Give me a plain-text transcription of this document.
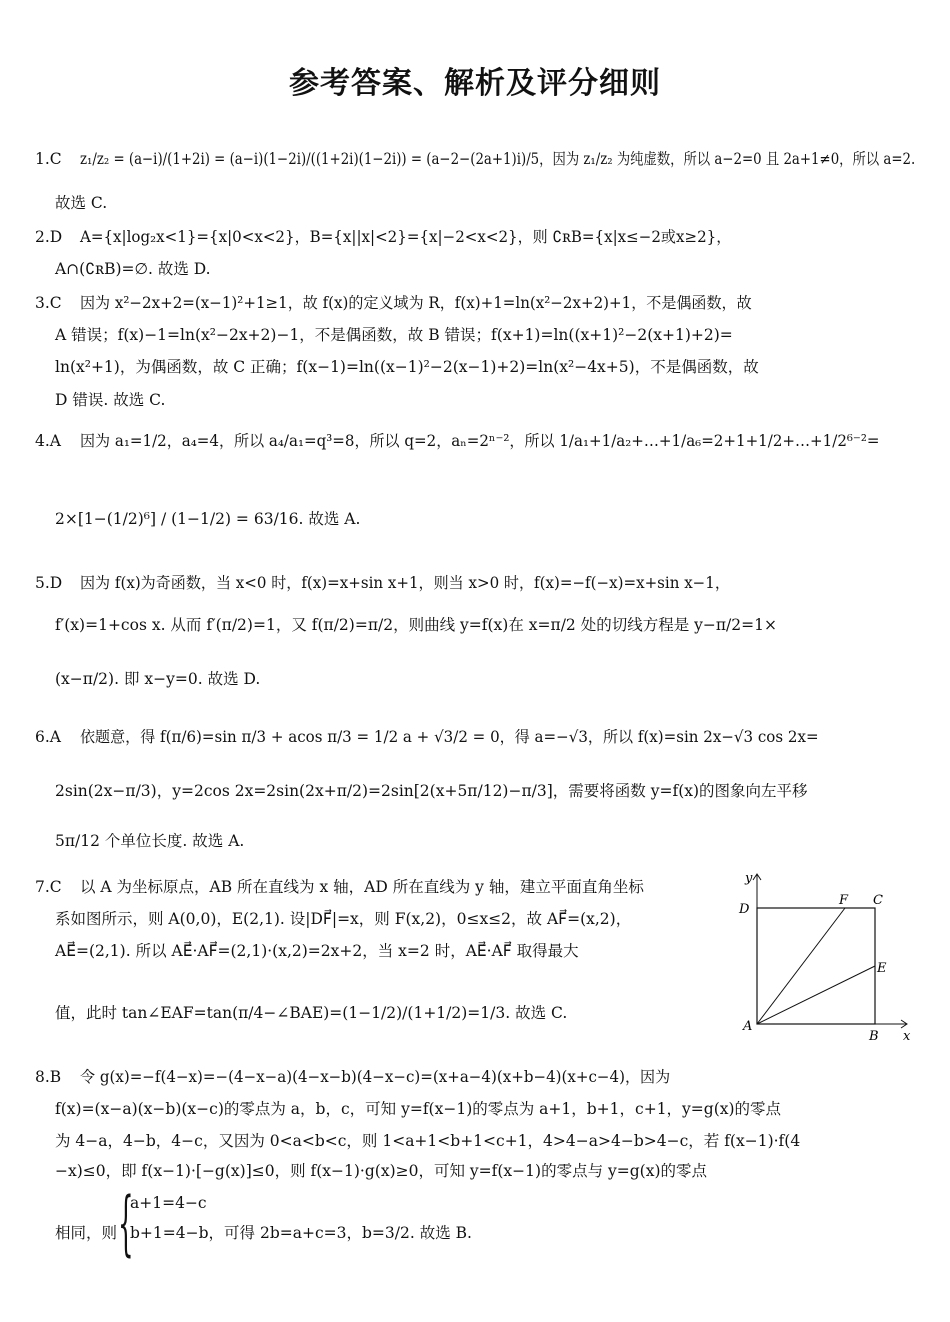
参考答案、解析及评分细则
1.C z₁/z₂ = (a−i)/(1+2i) = (a−i)(1−2i)/((1+2i)(1−2i)) = (a−2−(2a+1)i)/5，因为 z₁/z₂ 为纯虚数，所以 a−2=0 且 2a+1≠0，所以 a=2.
故选 C.
2.D A={x|log₂x<1}={x|0<x<2}，B={x||x|<2}={x|−2<x<2}，则 ∁ʀB={x|x≤−2或x≥2}，
A∩(∁ʀB)=∅. 故选 D.
3.C 因为 x²−2x+2=(x−1)²+1≥1，故 f(x)的定义域为 R，f(x)+1=ln(x²−2x+2)+1，不是偶函数，故
A 错误；f(x)−1=ln(x²−2x+2)−1，不是偶函数，故 B 错误；f(x+1)=ln((x+1)²−2(x+1)+2)=
ln(x²+1)，为偶函数，故 C 正确；f(x−1)=ln((x−1)²−2(x−1)+2)=ln(x²−4x+5)，不是偶函数，故
D 错误. 故选 C.
4.A 因为 a₁=1/2，a₄=4，所以 a₄/a₁=q³=8，所以 q=2，aₙ=2ⁿ⁻²，所以 1/a₁+1/a₂+…+1/a₆=2+1+1/2+…+1/2⁶⁻²=
2×[1−(1/2)⁶] / (1−1/2) = 63/16. 故选 A.
5.D 因为 f(x)为奇函数，当 x<0 时，f(x)=x+sin x+1，则当 x>0 时，f(x)=−f(−x)=x+sin x−1，
f′(x)=1+cos x. 从而 f′(π/2)=1，又 f(π/2)=π/2，则曲线 y=f(x)在 x=π/2 处的切线方程是 y−π/2=1×
(x−π/2). 即 x−y=0. 故选 D.
6.A 依题意，得 f(π/6)=sin π/3 + acos π/3 = 1/2 a + √3/2 = 0，得 a=−√3，所以 f(x)=sin 2x−√3 cos 2x=
2sin(2x−π/3)，y=2cos 2x=2sin(2x+π/2)=2sin[2(x+5π/12)−π/3]，需要将函数 y=f(x)的图象向左平移
5π/12 个单位长度. 故选 A.
7.C 以 A 为坐标原点，AB 所在直线为 x 轴，AD 所在直线为 y 轴，建立平面直角坐标
系如图所示，则 A(0,0)，E(2,1). 设|DF⃗|=x，则 F(x,2)，0≤x≤2，故 AF⃗=(x,2)，
AE⃗=(2,1). 所以 AE⃗·AF⃗=(2,1)·(x,2)=2x+2，当 x=2 时，AE⃗·AF⃗ 取得最大
值，此时 tan∠EAF=tan(π/4−∠BAE)=(1−1/2)/(1+1/2)=1/3. 故选 C.
y
D
F C
E
A
B x
8.B 令 g(x)=−f(4−x)=−(4−x−a)(4−x−b)(4−x−c)=(x+a−4)(x+b−4)(x+c−4)，因为
f(x)=(x−a)(x−b)(x−c)的零点为 a，b，c，可知 y=f(x−1)的零点为 a+1，b+1，c+1，y=g(x)的零点
为 4−a，4−b，4−c，又因为 0<a<b<c，则 1<a+1<b+1<c+1，4>4−a>4−b>4−c，若 f(x−1)·f(4
−x)≤0，即 f(x−1)·[−g(x)]≤0，则 f(x−1)·g(x)≥0，可知 y=f(x−1)的零点与 y=g(x)的零点
a+1=4−c
相同，则 {
b+1=4−b，可得 2b=a+c=3，b=3/2. 故选 B.
